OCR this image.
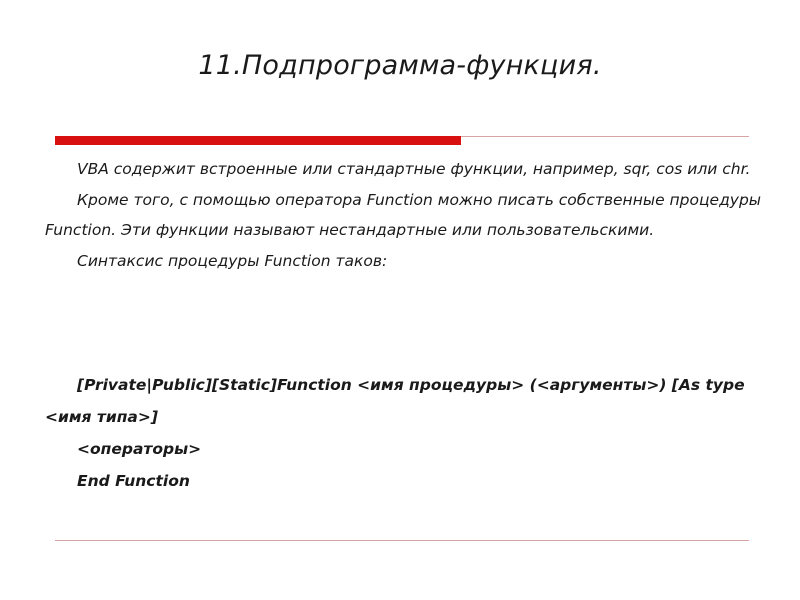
11.Подпрограмма-функция.

VBA содержит встроенные или стандартные функции, например, sqr, cos или chr.

Кроме того, с помощью оператора Function можно писать собственные процедуры Function. Эти функции называют нестандартные или пользовательскими.

Синтаксис процедуры Function таков:

[Private|Public][Static]Function <имя процедуры> (<аргументы>) [As type <имя типа>]

<операторы>

End Function
